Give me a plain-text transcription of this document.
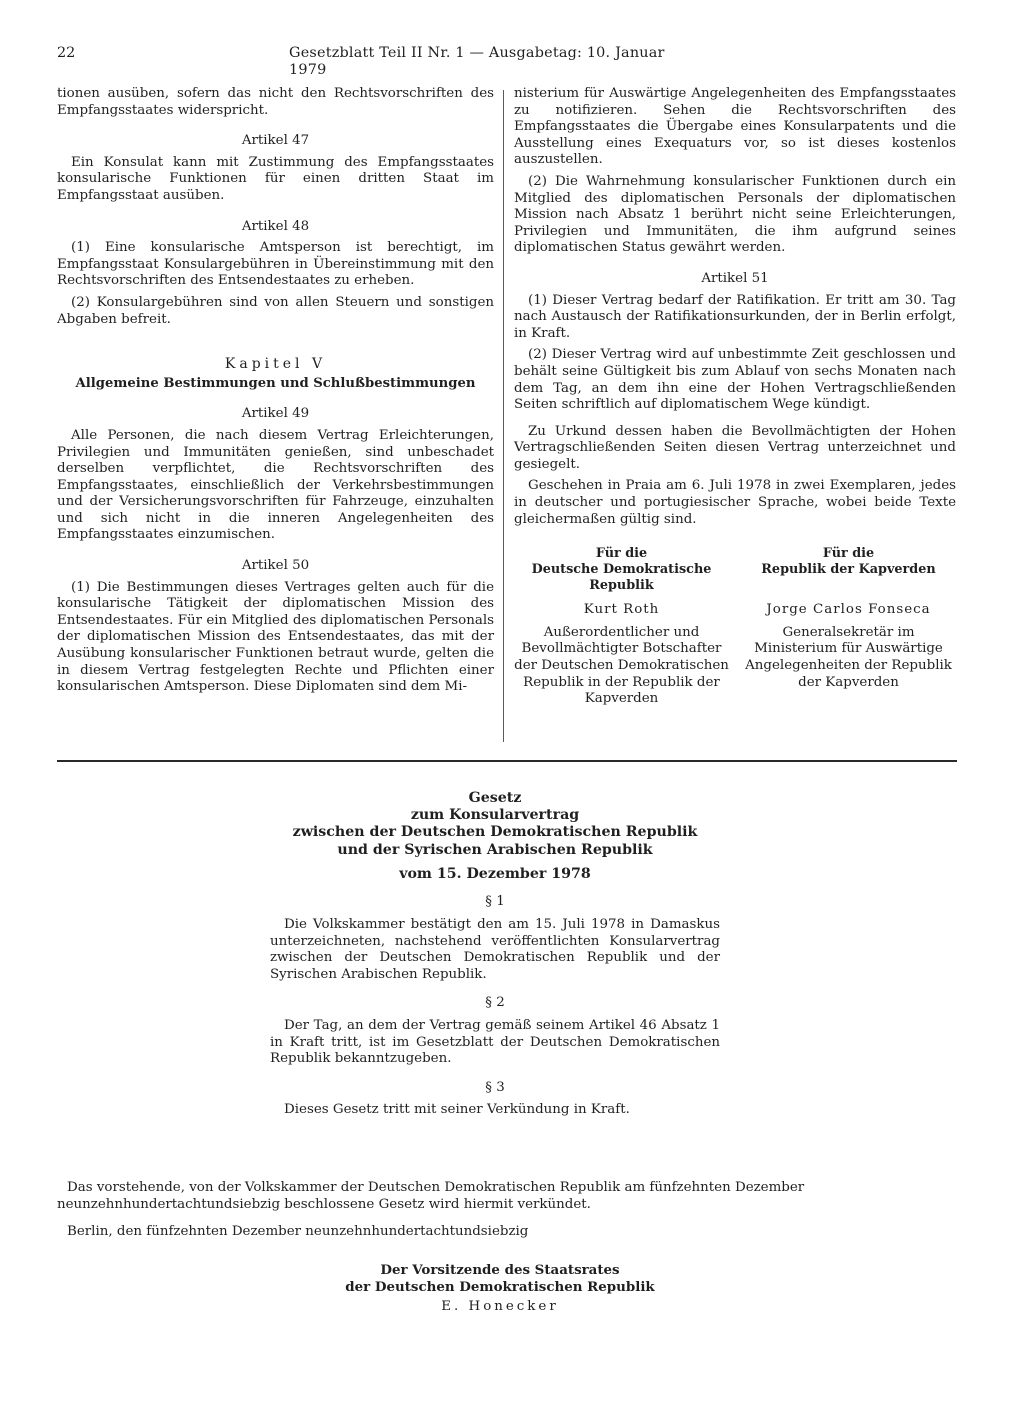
22	Gesetzblatt Teil II Nr. 1 — Ausgabetag: 10. Januar 1979

tionen ausüben, sofern das nicht den Rechtsvorschriften des Empfangsstaates widerspricht.

Artikel 47

Ein Konsulat kann mit Zustimmung des Empfangsstaates konsularische Funktionen für einen dritten Staat im Empfangsstaat ausüben.

Artikel 48

(1) Eine konsularische Amtsperson ist berechtigt, im Empfangsstaat Konsulargebühren in Übereinstimmung mit den Rechtsvorschriften des Entsendestaates zu erheben.

(2) Konsulargebühren sind von allen Steuern und sonstigen Abgaben befreit.

Kapitel V

Allgemeine Bestimmungen und Schlußbestimmungen

Artikel 49

Alle Personen, die nach diesem Vertrag Erleichterungen, Privilegien und Immunitäten genießen, sind unbeschadet derselben verpflichtet, die Rechtsvorschriften des Empfangsstaates, einschließlich der Verkehrsbestimmungen und der Versicherungsvorschriften für Fahrzeuge, einzuhalten und sich nicht in die inneren Angelegenheiten des Empfangsstaates einzumischen.

Artikel 50

(1) Die Bestimmungen dieses Vertrages gelten auch für die konsularische Tätigkeit der diplomatischen Mission des Entsendestaates. Für ein Mitglied des diplomatischen Personals der diplomatischen Mission des Entsendestaates, das mit der Ausübung konsularischer Funktionen betraut wurde, gelten die in diesem Vertrag festgelegten Rechte und Pflichten einer konsularischen Amtsperson. Diese Diplomaten sind dem Mi-

nisterium für Auswärtige Angelegenheiten des Empfangsstaates zu notifizieren. Sehen die Rechtsvorschriften des Empfangsstaates die Übergabe eines Konsularpatents und die Ausstellung eines Exequaturs vor, so ist dieses kostenlos auszustellen.

(2) Die Wahrnehmung konsularischer Funktionen durch ein Mitglied des diplomatischen Personals der diplomatischen Mission nach Absatz 1 berührt nicht seine Erleichterungen, Privilegien und Immunitäten, die ihm aufgrund seines diplomatischen Status gewährt werden.

Artikel 51

(1) Dieser Vertrag bedarf der Ratifikation. Er tritt am 30. Tag nach Austausch der Ratifikationsurkunden, der in Berlin erfolgt, in Kraft.

(2) Dieser Vertrag wird auf unbestimmte Zeit geschlossen und behält seine Gültigkeit bis zum Ablauf von sechs Monaten nach dem Tag, an dem ihn eine der Hohen Vertragschließenden Seiten schriftlich auf diplomatischem Wege kündigt.

Zu Urkund dessen haben die Bevollmächtigten der Hohen Vertragschließenden Seiten diesen Vertrag unterzeichnet und gesiegelt.

Geschehen in Praia am 6. Juli 1978 in zwei Exemplaren, jedes in deutscher und portugiesischer Sprache, wobei beide Texte gleichermaßen gültig sind.

Für die
Deutsche Demokratische Republik
Kurt Roth
Außerordentlicher und Bevollmächtigter Botschafter der Deutschen Demokratischen Republik in der Republik der Kapverden
Für die
Republik der Kapverden
Jorge Carlos Fonseca
Generalsekretär im Ministerium für Auswärtige Angelegenheiten der Republik der Kapverden
Gesetz
zum Konsularvertrag
zwischen der Deutschen Demokratischen Republik
und der Syrischen Arabischen Republik
vom 15. Dezember 1978
§ 1

Die Volkskammer bestätigt den am 15. Juli 1978 in Damaskus unterzeichneten, nachstehend veröffentlichten Konsularvertrag zwischen der Deutschen Demokratischen Republik und der Syrischen Arabischen Republik.

§ 2

Der Tag, an dem der Vertrag gemäß seinem Artikel 46 Absatz 1 in Kraft tritt, ist im Gesetzblatt der Deutschen Demokratischen Republik bekanntzugeben.

§ 3

Dieses Gesetz tritt mit seiner Verkündung in Kraft.

Das vorstehende, von der Volkskammer der Deutschen Demokratischen Republik am fünfzehnten Dezember neunzehnhundertachtundsiebzig beschlossene Gesetz wird hiermit verkündet.

Berlin, den fünfzehnten Dezember neunzehnhundertachtundsiebzig

Der Vorsitzende des Staatsrates
der Deutschen Demokratischen Republik
E. Honecker
